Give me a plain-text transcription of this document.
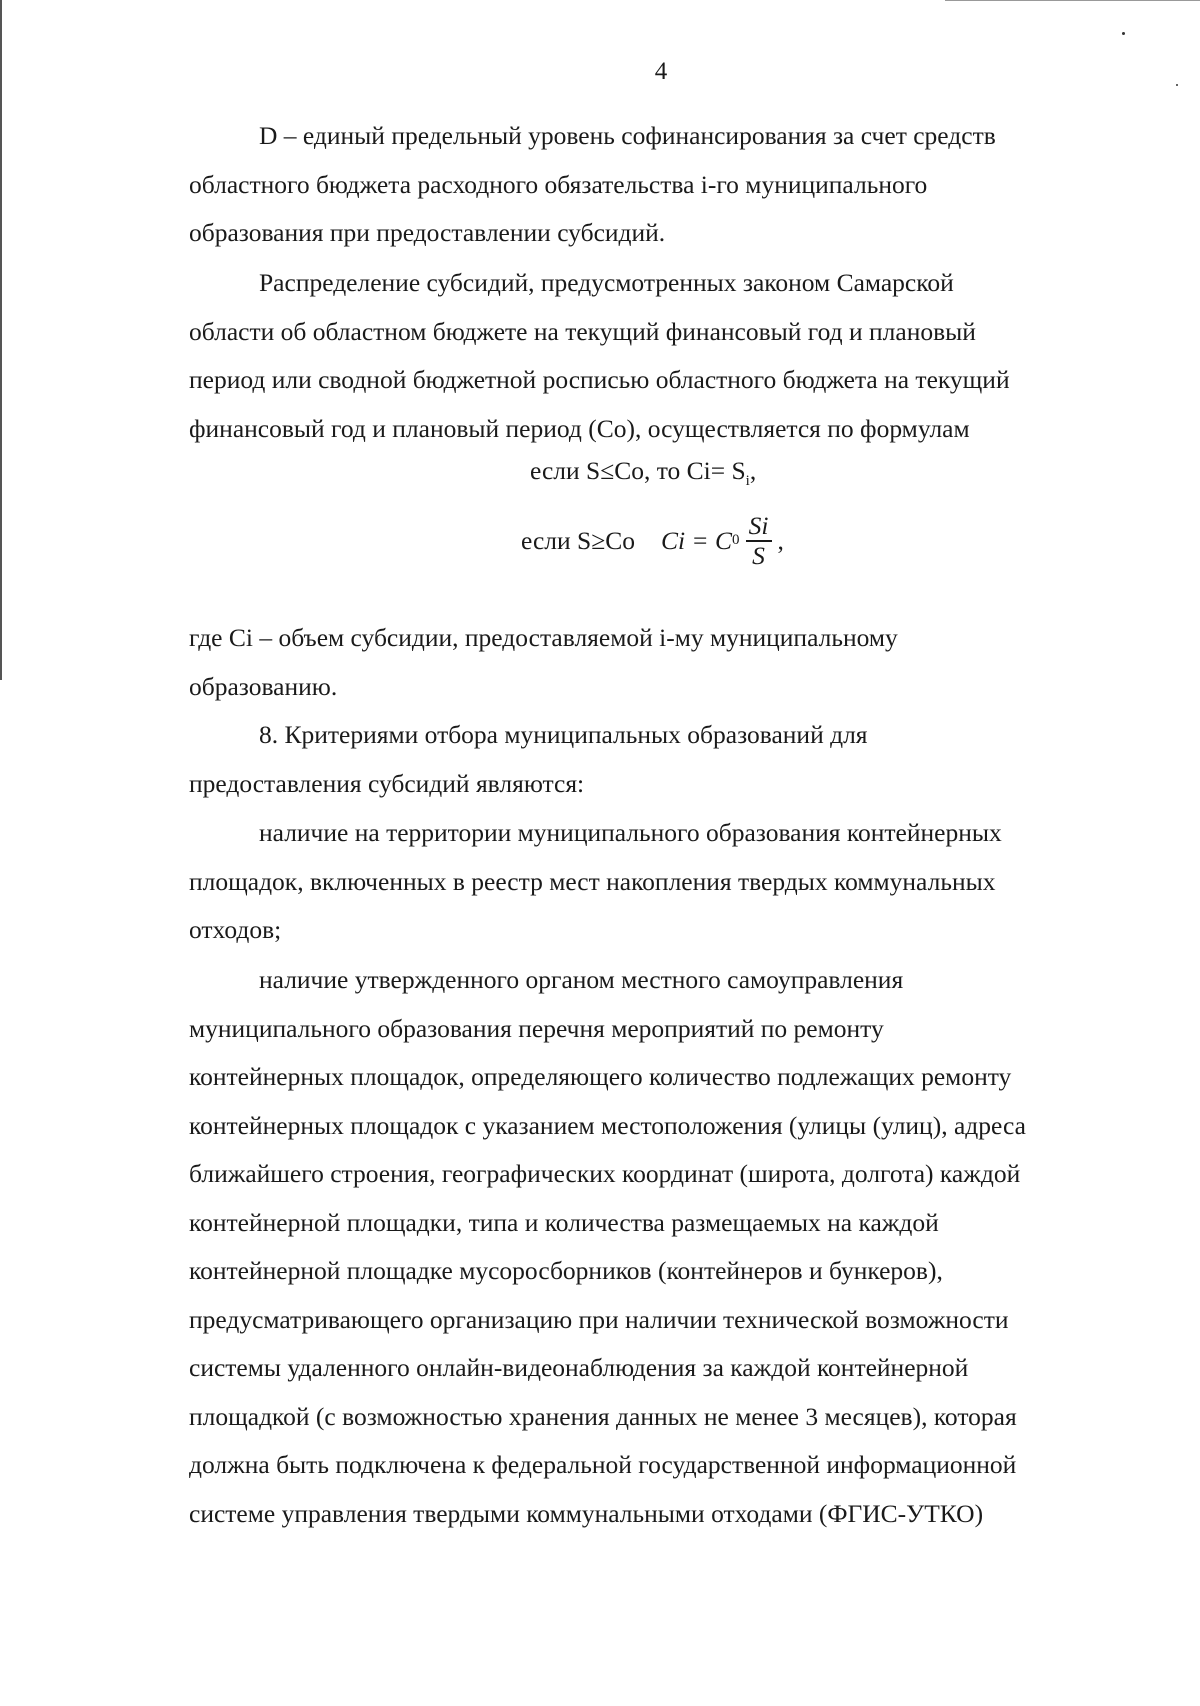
4

D – единый предельный уровень софинансирования за счет средств

областного бюджета расходного обязательства i-го муниципального

образования при предоставлении субсидий.

Распределение субсидий, предусмотренных законом Самарской

области об областном бюджете на текущий финансовый год и плановый

период или сводной бюджетной росписью областного бюджета на текущий

финансовый год и плановый период (Co), осуществляется по формулам

если S≤Co, то $Ci= S_i$,
если S≥Co Ci = C $0 \frac{Si}{S}$ ,

где Ci – объем субсидии, предоставляемой i-му муниципальному

образованию.

8. Критериями отбора муниципальных образований для

предоставления субсидий являются:

наличие на территории муниципального образования контейнерных

площадок, включенных в реестр мест накопления твердых коммунальных

отходов;

наличие утвержденного органом местного самоуправления

муниципального образования перечня мероприятий по ремонту

контейнерных площадок, определяющего количество подлежащих ремонту

контейнерных площадок с указанием местоположения (улицы (улиц), адреса

ближайшего строения, географических координат (широта, долгота) каждой

контейнерной площадки, типа и количества размещаемых на каждой

контейнерной площадке мусоросборников (контейнеров и бункеров),

предусматривающего организацию при наличии технической возможности

системы удаленного онлайн-видеонаблюдения за каждой контейнерной

площадкой (с возможностью хранения данных не менее 3 месяцев), которая

должна быть подключена к федеральной государственной информационной

системе управления твердыми коммунальными отходами (ФГИС-УТКО)
